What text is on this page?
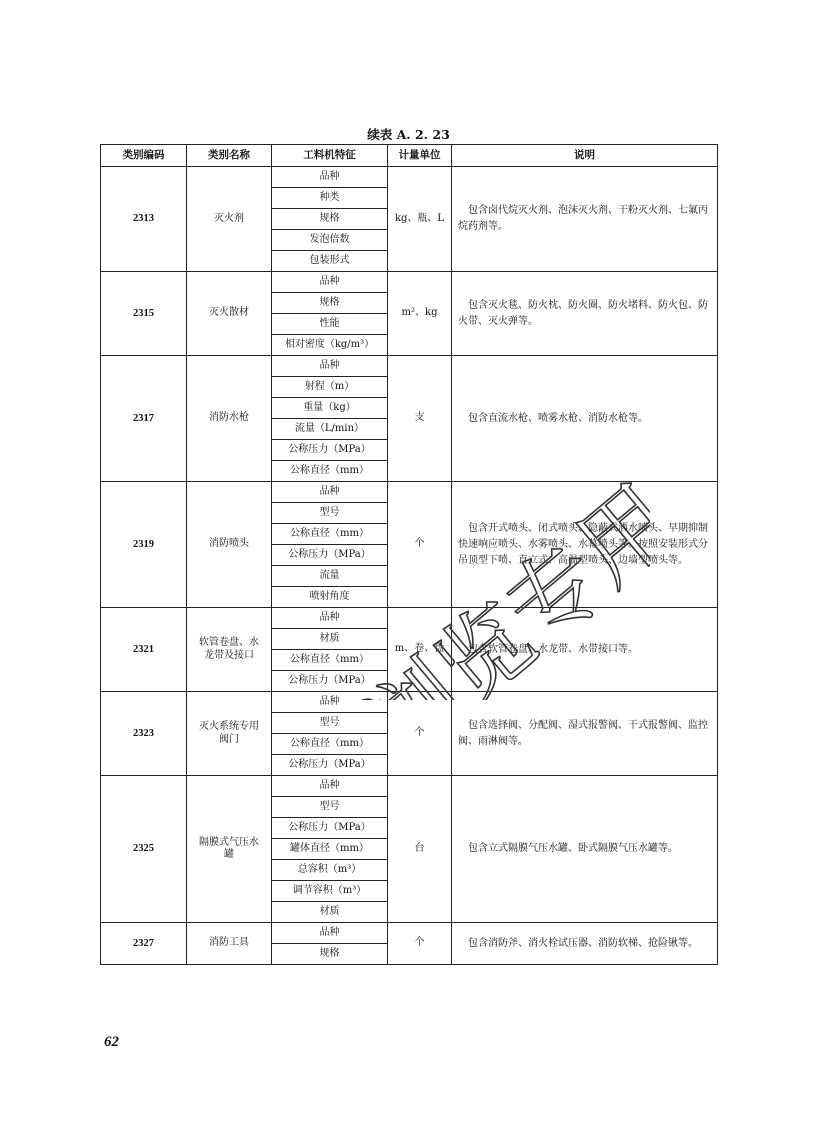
续表 A. 2. 23
类别编码	类别名称	工料机特征	计量单位	说明
2313	灭火剂	品种	kg、瓶、L	包含卤代烷灭火剂、泡沫灭火剂、干粉灭火剂、七氟丙烷药剂等。

		种类		
		规格		
		发泡倍数		
		包装形式		
2315	灭火散材	品种	m²、kg	包含灭火毯、防火枕、防火圈、防火堵料、防火包、防火带、灭火弹等。

		规格		
		性能		
		相对密度（kg/m³）		
2317	消防水枪	品种	支	包含直流水枪、喷雾水枪、消防水枪等。

		射程（m）		
		重量（kg）		
		流量（L/min）		
		公称压力（MPa）		
		公称直径（mm）		
2319	消防喷头	品种	个	包含开式喷头、闭式喷头、隐蔽式洒水喷头、早期抑制快速响应喷头、水雾喷头、水幕喷头等。按照安装形式分吊顶型下喷、直立式、高温型喷头、边墙型喷头等。

		型号		
		公称直径（mm）		
		公称压力（MPa）		
		流量		
		喷射角度		
2321	软管卷盘、水龙带及接口	品种	m、卷、盘	包含软管卷盘、水龙带、水带接口等。

		材质		
		公称直径（mm）		
		公称压力（MPa）		
2323	灭火系统专用阀门	品种	个	包含选择阀、分配阀、湿式报警阀、干式报警阀、监控阀、雨淋阀等。

		型号		
		公称直径（mm）		
		公称压力（MPa）		
2325	隔膜式气压水罐	品种	台	包含立式隔膜气压水罐、卧式隔膜气压水罐等。

		型号		
		公称压力（MPa）		
		罐体直径（mm）		
		总容积（m³）		
		调节容积（m³）		
		材质		
2327	消防工具	品种	个	包含消防斧、消火栓试压器、消防软梯、抢险锹等。

		规格		
浏览专用
62
